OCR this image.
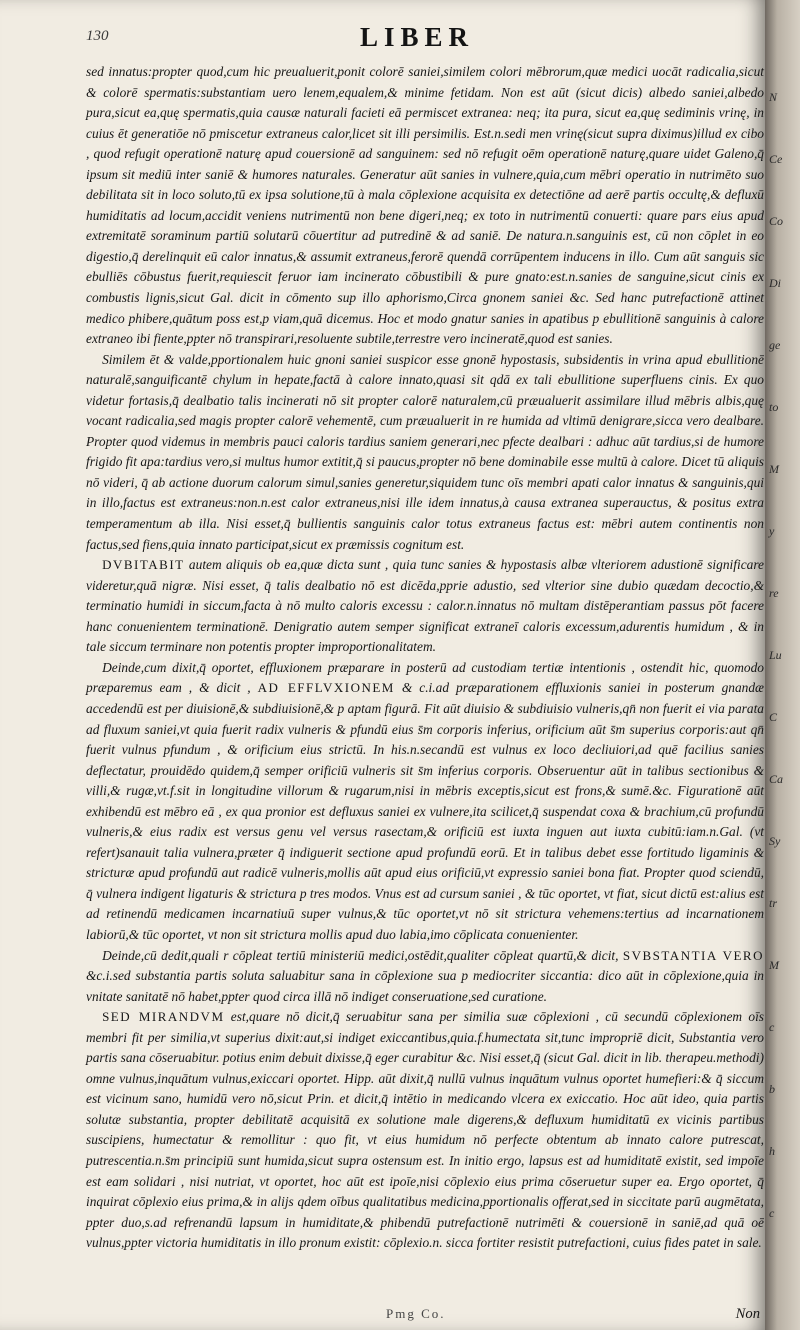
130	LIBER

sed innatus:propter quod,cum hic preualuerit,ponit colorē saniei,similem colori mēbrorum,quæ medici uocāt radicalia,sicut & colorē spermatis:substantiam uero lenem,equalem,& minime fetidam. Non est aūt (sicut dicis) albedo saniei,albedo pura,sicut ea,quę spermatis,quia causæ naturali facieti eā permiscet extranea: neq; ita pura, sicut ea,quę sediminis vrinę, in cuius ēt generatiōe nō pmiscetur extraneus calor,licet sit illi persimilis. Est.n.sedi men vrinę(sicut supra diximus)illud ex cibo , quod refugit operationē naturę apud couersionē ad sanguinem: sed nō refugit oēm operationē naturę,quare uidet Galeno,q̄ ipsum sit mediū inter saniē & humores naturales. Generatur aūt sanies in vulnere,quia,cum mēbri operatio in nutrimēto suo debilitata sit in loco soluto,tū ex ipsa solutione,tū à mala cōplexione acquisita ex detectiōne ad aerē partis occultę,& defluxū humiditatis ad locum,accidit veniens nutrimentū non bene digeri,neq; ex toto in nutrimentū conuerti: quare pars eius apud extremitatē soraminum partiū solutarū cōuertitur ad putredinē & ad saniē. De natura.n.sanguinis est, cū non cōplet in eo digestio,q̄ derelinquit eū calor innatus,& assumit extraneus,ferorē quendā corrūpentem inducens in illo. Cum aūt sanguis sic ebulliēs cōbustus fuerit,requiescit feruor iam incinerato cōbustibili & pure gnato:est.n.sanies de sanguine,sicut cinis ex combustis lignis,sicut Gal. dicit in cōmento sup illo aphorismo,Circa gnonem saniei &c. Sed hanc putrefactionē attinet medico phibere,quātum poss est,p viam,quā dicemus. Hoc et modo gnatur sanies in apatibus p ebullitionē sanguinis à calore extraneo ibi fiente,ppter nō transpirari,resoluente subtile,terrestre vero incineratē,quod est sanies.

Similem ēt & valde,pportionalem huic gnoni saniei suspicor esse gnonē hypostasis, subsidentis in vrina apud ebullitionē naturalē,sanguificantē chylum in hepate,factā à calore innato,quasi sit qdā ex tali ebullitione superfluens cinis. Ex quo videtur fortasis,q̄ dealbatio talis incinerati nō sit propter calorē naturalem,cū præualuerit assimilare illud mēbris albis,quę vocant radicalia,sed magis propter calorē vehementē, cum præualuerit in re humida ad vltimū denigrare,sicca vero dealbare. Propter quod videmus in membris pauci caloris tardius saniem generari,nec pfecte dealbari : adhuc aūt tardius,si de humore frigido fit apa:tardius vero,si multus humor extitit,q̄ si paucus,propter nō bene dominabile esse multū à calore. Dicet tū aliquis nō videri, q̄ ab actione duorum calorum simul,sanies generetur,siquidem tunc oīs membri apati calor innatus & sanguinis,qui in illo,factus est extraneus:non.n.est calor extraneus,nisi ille idem innatus,à causa extranea superauctus, & positus extra temperamentum ab illa. Nisi esset,q̄ bullientis sanguinis calor totus extraneus factus est: mēbri autem continentis non factus,sed fiens,quia innato participat,sicut ex præmissis cognitum est.

DVBITABIT autem aliquis ob ea,quæ dicta sunt , quia tunc sanies & hypostasis albæ vlteriorem adustionē significare videretur,quā nigræ. Nisi esset, q̄ talis dealbatio nō est dicēda,pprie adustio, sed vlterior sine dubio quædam decoctio,& terminatio humidi in siccum,facta à nō multo caloris excessu : calor.n.innatus nō multam distēperantiam passus pōt facere hanc conuenientem terminationē. Denigratio autem semper significat extraneī caloris excessum,adurentis humidum , & in tale siccum terminare non potentis propter improportionalitatem.

Deinde,cum dixit,q̄ oportet, effluxionem præparare in posterū ad custodiam tertiæ intentionis , ostendit hic, quomodo præparemus eam , & dicit , AD EFFLVXIONEM & c.i.ad præparationem effluxionis saniei in posterum gnandæ accedendū est per diuisionē,& subdiuisionē,& p aptam figurā. Fit aūt diuisio & subdiuisio vulneris,qn̄ non fuerit ei via parata ad fluxum saniei,vt quia fuerit radix vulneris & pfundū eius s̄m corporis inferius, orificium aūt s̄m superius corporis:aut qn̄ fuerit vulnus pfundum , & orificium eius strictū. In his.n.secandū est vulnus ex loco decliuiori,ad quē facilius sanies deflectatur, prouidēdo quidem,q̄ semper orificiū vulneris sit s̄m inferius corporis. Obseruentur aūt in talibus sectionibus & villi,& rugæ,vt.f.sit in longitudine villorum & rugarum,nisi in mēbris exceptis,sicut est frons,& sumē.&c. Figurationē aūt exhibendū est mēbro eā , ex qua pronior est defluxus saniei ex vulnere,ita scilicet,q̄ suspendat coxa & brachium,cū profundū vulneris,& eius radix est versus genu vel versus rasectam,& orificiū est iuxta inguen aut iuxta cubitū:iam.n.Gal. (vt refert)sanauit talia vulnera,præter q̄ indiguerit sectione apud profundū eorū. Et in talibus debet esse fortitudo ligaminis & stricturæ apud profundū aut radicē vulneris,mollis aūt apud eius orificiū,vt expressio saniei bona fiat. Propter quod sciendū, q̄ vulnera indigent ligaturis & strictura p tres modos. Vnus est ad cursum saniei , & tūc oportet, vt fiat, sicut dictū est:alius est ad retinendū medicamen incarnatiuū super vulnus,& tūc oportet,vt nō sit strictura vehemens:tertius ad incarnationem labiorū,& tūc oportet, vt non sit strictura mollis apud duo labia,imo cōplicata conuenienter.

Deinde,cū dedit,quali r cōpleat tertiū ministeriū medici,ostēdit,qualiter cōpleat quartū,& dicit, SVBSTANTIA VERO &c.i.sed substantia partis soluta saluabitur sana in cōplexione sua p mediocriter siccantia: dico aūt in cōplexione,quia in vnitate sanitatē nō habet,ppter quod circa illā nō indiget conseruatione,sed curatione.

SED MIRANDVM est,quare nō dicit,q̄ seruabitur sana per similia suæ cōplexioni , cū secundū cōplexionem oīs membri fit per similia,vt superius dixit:aut,si indiget exiccantibus,quia.f.humectata sit,tunc impropriē dicit, Substantia vero partis sana cōseruabitur. potius enim debuit dixisse,q̄ eger curabitur &c. Nisi esset,q̄ (sicut Gal. dicit in lib. therapeu.methodi) omne vulnus,inquātum vulnus,exiccari oportet. Hipp. aūt dixit,q̄ nullū vulnus inquātum vulnus oportet humefieri:& q̄ siccum est vicinum sano, humidū vero nō,sicut Prin. et dicit,q̄ intētio in medicando vlcera ex exiccatio. Hoc aūt ideo, quia partis solutæ substantia, propter debilitatē acquisitā ex solutione male digerens,& defluxum humiditatū ex vicinis partibus suscipiens, humectatur & remollitur : quo fit, vt eius humidum nō perfecte obtentum ab innato calore putrescat, putrescentia.n.s̄m principiū sunt humida,sicut supra ostensum est. In initio ergo, lapsus est ad humiditatē existit, sed impoīe est eam solidari , nisi nutriat, vt oportet, hoc aūt est ipoīe,nisi cōplexio eius prima cōseruetur super ea. Ergo oportet, q̄ inquirat cōplexio eius prima,& in alijs qdem oībus qualitatibus medicina,pportionalis offerat,sed in siccitate parū augmētata, ppter duo,s.ad refrenandū lapsum in humiditate,& phibendū putrefactionē nutrimēti & couersionē in saniē,ad quā oē vulnus,ppter victoria humiditatis in illo pronum existit: cōplexio.n. sicca fortiter resistit putrefactioni, cuius fides patet in sale.

Pmg Co.	Non
N
Ce
Co
Di
ge
to
M
y
re
Lu
C
Ca
Sy
tr
M
c
b
h
c
